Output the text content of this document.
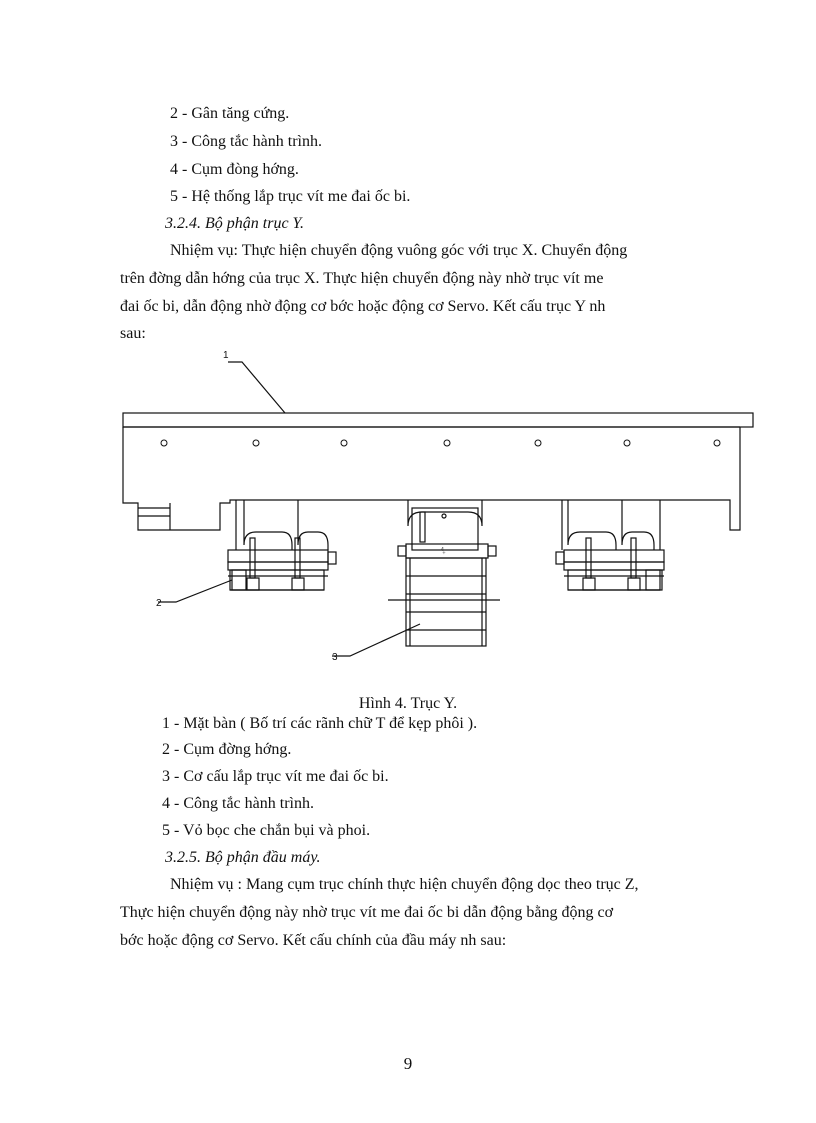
2 - Gân tăng cứng.
3 - Công tắc hành trình.
4 - Cụm đòng hớng.
5 - Hệ thống lắp trục vít me đai ốc bi.
3.2.4. Bộ phận trục Y.
Nhiệm vụ: Thực hiện chuyển động vuông góc với trục X. Chuyển động
trên đờng dẫn hớng của trục X. Thực hiện chuyển động này nhờ trục vít me
đai ốc bi, dẫn động nhờ động cơ bớc hoặc động cơ Servo. Kết cấu trục Y nh
sau:
+
1
2
3
4
Hình 4. Trục Y.
1 - Mặt bàn ( Bố trí các rãnh chữ T để kẹp phôi ).
2 - Cụm đờng hớng.
3 - Cơ cấu lắp trục vít me đai ốc bi.
4 - Công tắc hành trình.
5 - Vỏ bọc che chắn bụi và phoi.
3.2.5. Bộ phận đầu máy.
Nhiệm vụ : Mang cụm trục chính thực hiện chuyển động dọc theo trục Z,
Thực hiện chuyển động này nhờ trục vít me đai ốc bi dẫn động bằng động cơ
bớc hoặc động cơ Servo. Kết cấu chính của đầu máy nh sau:
9
